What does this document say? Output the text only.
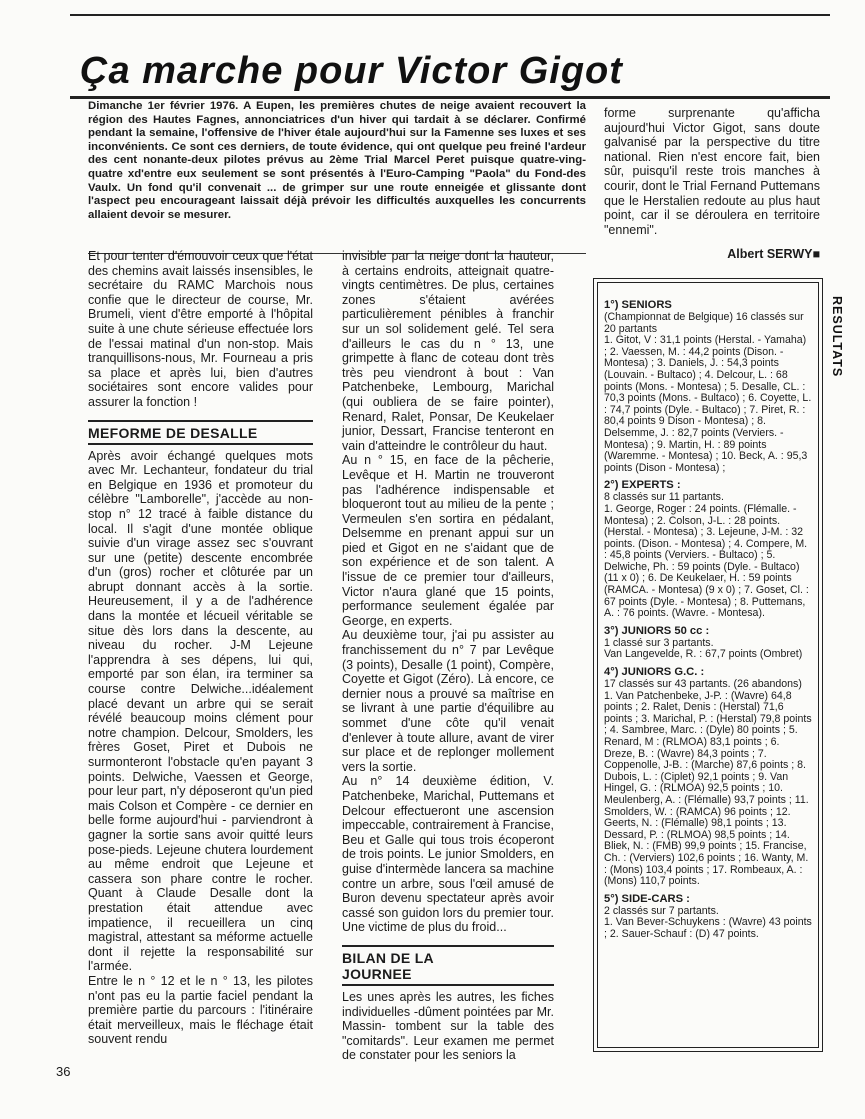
Ça marche pour Victor Gigot

Dimanche 1er février 1976. A Eupen, les premières chutes de neige avaient recouvert la région des Hautes Fagnes, annonciatrices d'un hiver qui tardait à se déclarer. Confirmé pendant la semaine, l'offensive de l'hiver étale aujourd'hui sur la Famenne ses luxes et ses inconvénients. Ce sont ces derniers, de toute évidence, qui ont quelque peu freiné l'ardeur des cent nonante-deux pilotes prévus au 2ème Trial Marcel Peret puisque quatre-ving-quatre xd'entre eux seulement se sont présentés à l'Euro-Camping "Paola" du Fond-des Vaulx. Un fond qu'il convenait ... de grimper sur une route enneigée et glissante dont l'aspect peu encourageant laissait déjà prévoir les difficultés auxquelles les concurrents allaient devoir se mesurer.

Et pour tenter d'émouvoir ceux que l'état des chemins avait laissés insensibles, le secrétaire du RAMC Marchois nous confie que le directeur de course, Mr. Brumeli, vient d'être emporté à l'hôpital suite à une chute sérieuse effectuée lors de l'essai matinal d'un non-stop. Mais tranquillisons-nous, Mr. Fourneau a pris sa place et après lui, bien d'autres sociétaires sont encore valides pour assurer la fonction !

MEFORME DE DESALLE

Après avoir échangé quelques mots avec Mr. Lechanteur, fondateur du trial en Belgique en 1936 et promoteur du célèbre "Lamborelle", j'accède au non-stop n° 12 tracé à faible distance du local. Il s'agit d'une montée oblique suivie d'un virage assez sec s'ouvrant sur une (petite) descente encombrée d'un (gros) rocher et clôturée par un abrupt donnant accès à la sortie. Heureusement, il y a de l'adhérence dans la montée et lécueil véritable se situe dès lors dans la descente, au niveau du rocher. J-M Lejeune l'apprendra à ses dépens, lui qui, emporté par son élan, ira terminer sa course contre Delwiche...idéalement placé devant un arbre qui se serait révélé beaucoup moins clément pour notre champion. Delcour, Smolders, les frères Goset, Piret et Dubois ne surmonteront l'obstacle qu'en payant 3 points. Delwiche, Vaessen et George, pour leur part, n'y déposeront qu'un pied mais Colson et Compère - ce dernier en belle forme aujourd'hui - parviendront à gagner la sortie sans avoir quitté leurs pose-pieds. Lejeune chutera lourdement au même endroit que Lejeune et cassera son phare contre le rocher. Quant à Claude Desalle dont la prestation était attendue avec impatience, il recueillera un cinq magistral, attestant sa méforme actuelle dont il rejette la responsabilité sur l'armée.

Entre le n ° 12 et le n ° 13, les pilotes n'ont pas eu la partie faciel pendant la première partie du parcours : l'itinéraire était merveilleux, mais le fléchage était souvent rendu

invisible par la neige dont la hauteur, à certains endroits, atteignait quatre-vingts centimètres. De plus, certaines zones s'étaient avérées particulièrement pénibles à franchir sur un sol solidement gelé. Tel sera d'ailleurs le cas du n ° 13, une grimpette à flanc de coteau dont très très peu viendront à bout : Van Patchenbeke, Lembourg, Marichal (qui oubliera de se faire pointer), Renard, Ralet, Ponsar, De Keukelaer junior, Dessart, Francise tenteront en vain d'atteindre le contrôleur du haut.

Au n ° 15, en face de la pêcherie, Levêque et H. Martin ne trouveront pas l'adhérence indispensable et bloqueront tout au milieu de la pente ; Vermeulen s'en sortira en pédalant, Delsemme en prenant appui sur un pied et Gigot en ne s'aidant que de son expérience et de son talent. A l'issue de ce premier tour d'ailleurs, Victor n'aura glané que 15 points, performance seulement égalée par George, en experts.

Au deuxième tour, j'ai pu assister au franchissement du n° 7 par Levêque (3 points), Desalle (1 point), Compère, Coyette et Gigot (Zéro). Là encore, ce dernier nous a prouvé sa maîtrise en se livrant à une partie d'équilibre au sommet d'une côte qu'il venait d'enlever à toute allure, avant de virer sur place et de replonger mollement vers la sortie.

Au n° 14 deuxième édition, V. Patchenbeke, Marichal, Puttemans et Delcour effectueront une ascension impeccable, contrairement à Francise, Beu et Galle qui tous trois écoperont de trois points. Le junior Smolders, en guise d'intermède lancera sa machine contre un arbre, sous l'œil amusé de Buron devenu spectateur après avoir cassé son guidon lors du premier tour. Une victime de plus du froid...

BILAN DE LA
JOURNEE

Les unes après les autres, les fiches individuelles -dûment pointées par Mr. Massin- tombent sur la table des "comitards". Leur examen me permet de constater pour les seniors la

forme surprenante qu'afficha aujourd'hui Victor Gigot, sans doute galvanisé par la perspective du titre national. Rien n'est encore fait, bien sûr, puisqu'il reste trois manches à courir, dont le Trial Fernand Puttemans que le Herstalien redoute au plus haut point, car il se déroulera en territoire "ennemi".

Albert SERWY■
1°) SENIORS

(Championnat de Belgique) 16 classés sur 20 partants

1. Gitot, V : 31,1 points (Herstal. - Yamaha) ; 2. Vaessen, M. : 44,2 points (Dison. - Montesa) ; 3. Daniels, J. : 54,3 points (Louvain. - Bultaco) ; 4. Delcour, L. : 68 points (Mons. - Montesa) ; 5. Desalle, CL. : 70,3 points (Mons. - Bultaco) ; 6. Coyette, L. : 74,7 points (Dyle. - Bultaco) ; 7. Piret, R. : 80,4 points 9 Dison - Montesa) ; 8. Delsemme, J. : 82,7 points (Verviers. - Montesa) ; 9. Martin, H. : 89 points (Waremme. - Montesa) ; 10. Beck, A. : 95,3 points (Dison - Montesa) ;

2°) EXPERTS :

8 classés sur 11 partants.

1. George, Roger : 24 points. (Flémalle. - Montesa) ; 2. Colson, J-L. : 28 points. (Herstal. - Montesa) ; 3. Lejeune, J-M. : 32 points. (Dison. - Montesa) ; 4. Compere, M. : 45,8 points (Verviers. - Bultaco) ; 5. Delwiche, Ph. : 59 points (Dyle. - Bultaco) (11 x 0) ; 6. De Keukelaer, H. : 59 points (RAMCA. - Montesa) (9 x 0) ; 7. Goset, Cl. : 67 points (Dyle. - Montesa) ; 8. Puttemans, A. : 76 points. (Wavre. - Montesa).

3°) JUNIORS 50 cc :

1 classé sur 3 partants.

Van Langevelde, R. : 67,7 points (Ombret)

4°) JUNIORS G.C. :

17 classés sur 43 partants. (26 abandons)

1. Van Patchenbeke, J-P. : (Wavre) 64,8 points ; 2. Ralet, Denis : (Herstal) 71,6 points ; 3. Marichal, P. : (Herstal) 79,8 points ; 4. Sambree, Marc. : (Dyle) 80 points ; 5. Renard, M : (RLMOA) 83,1 points ; 6. Dreze, B. : (Wavre) 84,3 points ; 7. Coppenolle, J-B. : (Marche) 87,6 points ; 8. Dubois, L. : (Ciplet) 92,1 points ; 9. Van Hingel, G. : (RLMOA) 92,5 points ; 10. Meulenberg, A. : (Flémalle) 93,7 points ; 11. Smolders, W. : (RAMCA) 96 points ; 12. Geerts, N. : (Flémalle) 98,1 points ; 13. Dessard, P. : (RLMOA) 98,5 points ; 14. Bliek, N. : (FMB) 99,9 points ; 15. Francise, Ch. : (Verviers) 102,6 points ; 16. Wanty, M. : (Mons) 103,4 points ; 17. Rombeaux, A. : (Mons) 110,7 points.

5°) SIDE-CARS :

2 classés sur 7 partants.

1. Van Bever-Schuykens : (Wavre) 43 points ; 2. Sauer-Schauf : (D) 47 points.

RESULTATS
36
